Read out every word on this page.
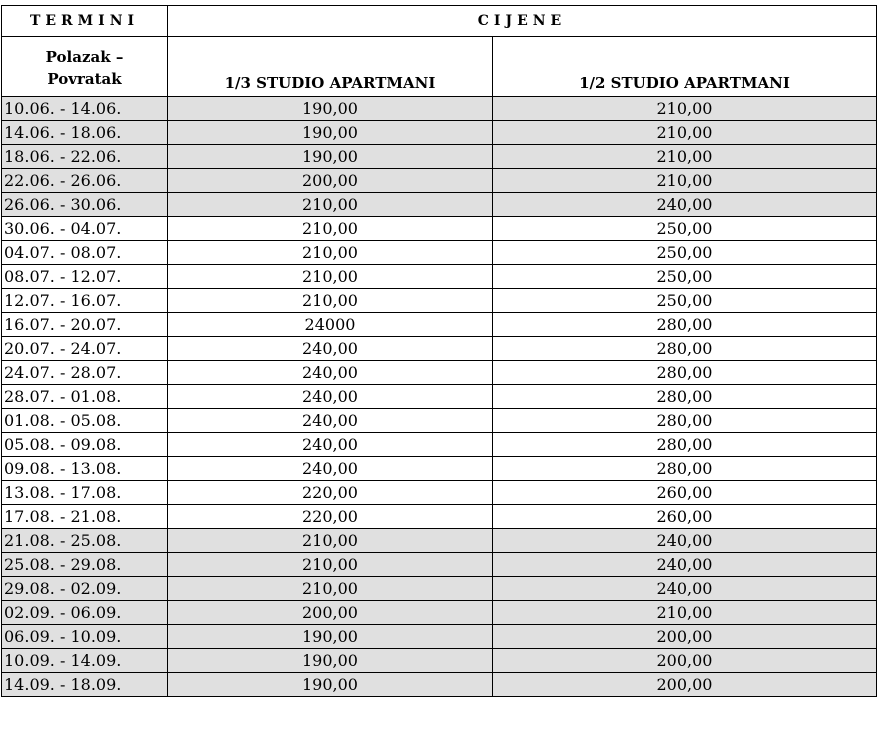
TERMINI	CIJENE	

Polazak –
Povratak	1/3 STUDIO APARTMANI	1/2 STUDIO APARTMANI
10.06. - 14.06.	190,00	210,00
14.06. - 18.06.	190,00	210,00
18.06. - 22.06.	190,00	210,00
22.06. - 26.06.	200,00	210,00
26.06. - 30.06.	210,00	240,00
30.06. - 04.07.	210,00	250,00
04.07. - 08.07.	210,00	250,00
08.07. - 12.07.	210,00	250,00
12.07. - 16.07.	210,00	250,00
16.07. - 20.07.	24000	280,00
20.07. - 24.07.	240,00	280,00
24.07. - 28.07.	240,00	280,00
28.07. - 01.08.	240,00	280,00
01.08. - 05.08.	240,00	280,00
05.08. - 09.08.	240,00	280,00
09.08. - 13.08.	240,00	280,00
13.08. - 17.08.	220,00	260,00
17.08. - 21.08.	220,00	260,00
21.08. - 25.08.	210,00	240,00
25.08. - 29.08.	210,00	240,00
29.08. - 02.09.	210,00	240,00
02.09. - 06.09.	200,00	210,00
06.09. - 10.09.	190,00	200,00
10.09. - 14.09.	190,00	200,00
14.09. - 18.09.	190,00	200,00
